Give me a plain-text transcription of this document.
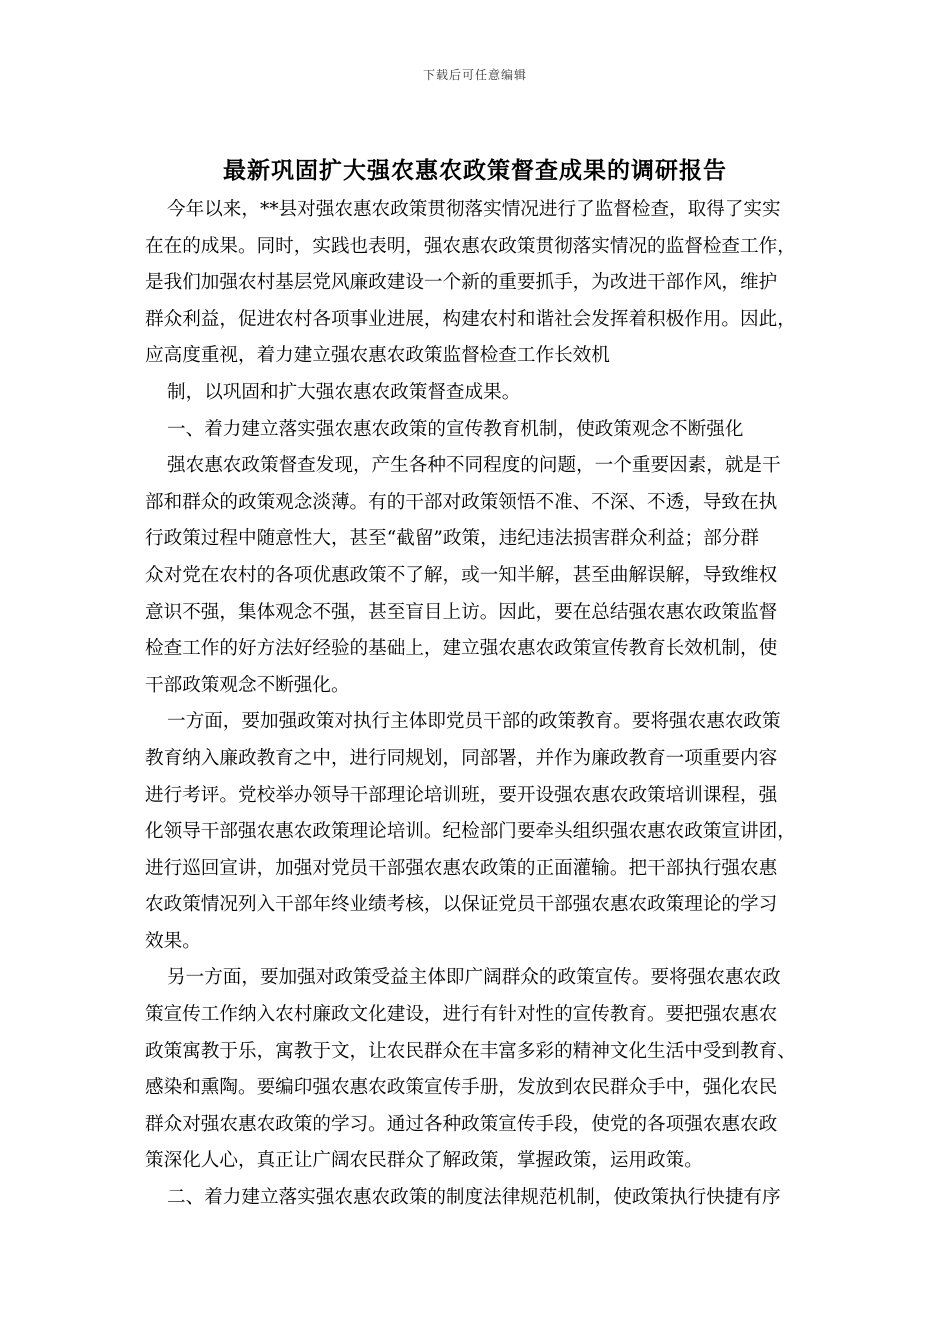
下载后可任意编辑
最新巩固扩大强农惠农政策督查成果的调研报告
今年以来，**县对强农惠农政策贯彻落实情况进行了监督检查，取得了实实
在在的成果。同时，实践也表明，强农惠农政策贯彻落实情况的监督检查工作，
是我们加强农村基层党风廉政建设一个新的重要抓手，为改进干部作风，维护
群众利益，促进农村各项事业进展，构建农村和谐社会发挥着积极作用。因此，
应高度重视，着力建立强农惠农政策监督检查工作长效机
制，以巩固和扩大强农惠农政策督查成果。
一、着力建立落实强农惠农政策的宣传教育机制，使政策观念不断强化
强农惠农政策督查发现，产生各种不同程度的问题，一个重要因素，就是干
部和群众的政策观念淡薄。有的干部对政策领悟不准、不深、不透，导致在执
行政策过程中随意性大，甚至“截留”政策，违纪违法损害群众利益；部分群
众对党在农村的各项优惠政策不了解，或一知半解，甚至曲解误解，导致维权
意识不强，集体观念不强，甚至盲目上访。因此，要在总结强农惠农政策监督
检查工作的好方法好经验的基础上，建立强农惠农政策宣传教育长效机制，使
干部政策观念不断强化。
一方面，要加强政策对执行主体即党员干部的政策教育。要将强农惠农政策
教育纳入廉政教育之中，进行同规划，同部署，并作为廉政教育一项重要内容
进行考评。党校举办领导干部理论培训班，要开设强农惠农政策培训课程，强
化领导干部强农惠农政策理论培训。纪检部门要牵头组织强农惠农政策宣讲团，
进行巡回宣讲，加强对党员干部强农惠农政策的正面灌输。把干部执行强农惠
农政策情况列入干部年终业绩考核，以保证党员干部强农惠农政策理论的学习
效果。
另一方面，要加强对政策受益主体即广阔群众的政策宣传。要将强农惠农政
策宣传工作纳入农村廉政文化建设，进行有针对性的宣传教育。要把强农惠农
政策寓教于乐，寓教于文，让农民群众在丰富多彩的精神文化生活中受到教育、
感染和熏陶。要编印强农惠农政策宣传手册，发放到农民群众手中，强化农民
群众对强农惠农政策的学习。通过各种政策宣传手段，使党的各项强农惠农政
策深化人心，真正让广阔农民群众了解政策，掌握政策，运用政策。
二、着力建立落实强农惠农政策的制度法律规范机制，使政策执行快捷有序
